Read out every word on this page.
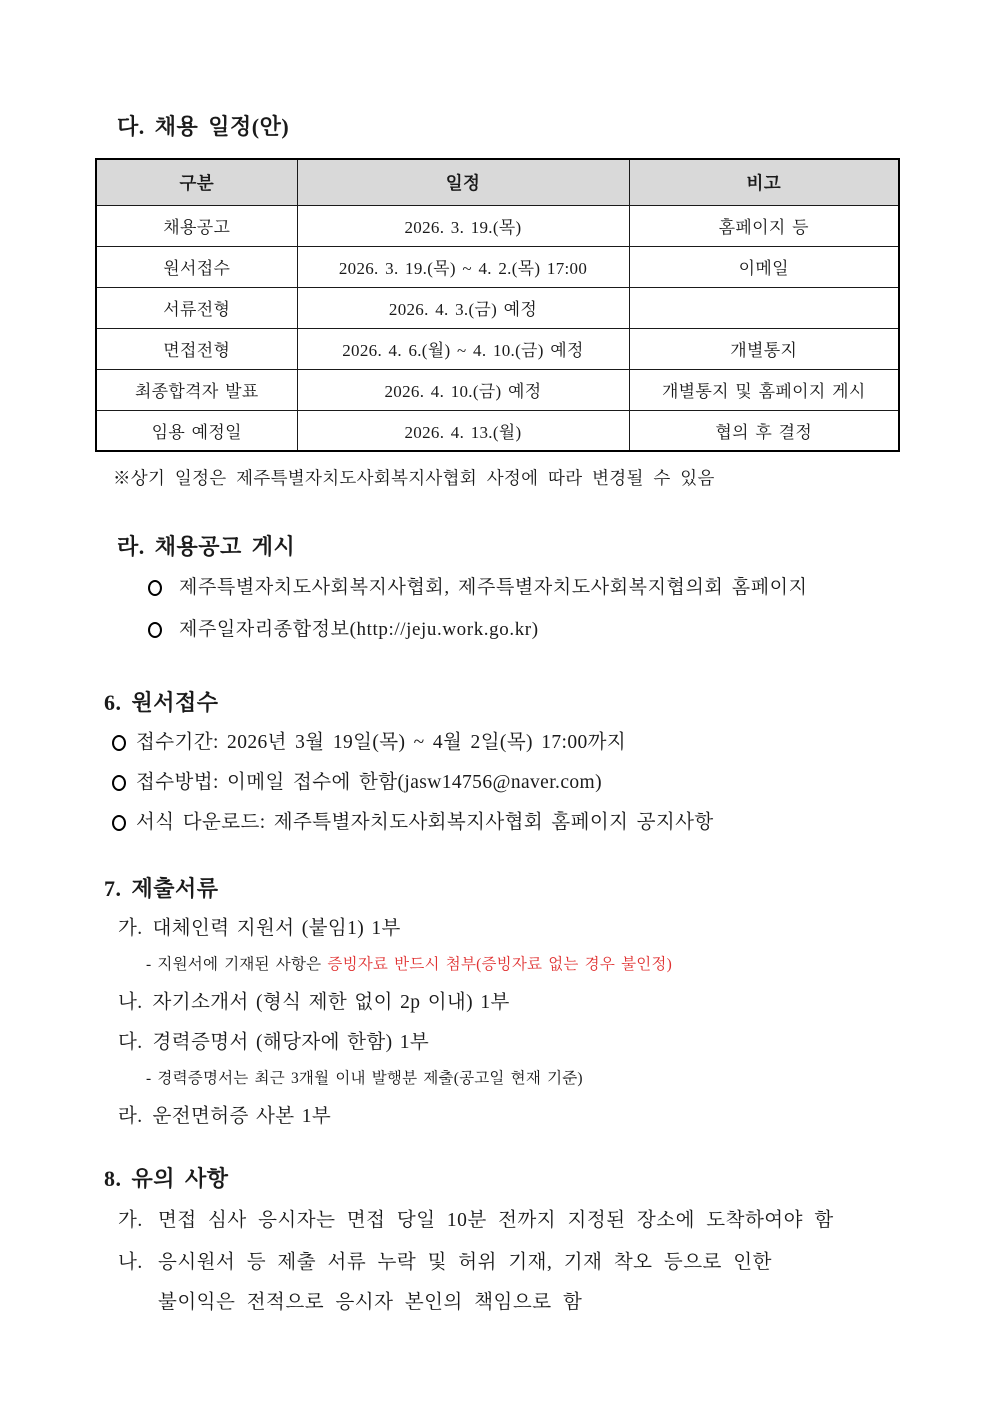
다. 채용 일정(안)
구분	일정	비고
채용공고	2026. 3. 19.(목)	홈페이지 등
원서접수	2026. 3. 19.(목) ~ 4. 2.(목) 17:00	이메일
서류전형	2026. 4. 3.(금) 예정	
면접전형	2026. 4. 6.(월) ~ 4. 10.(금) 예정	개별통지
최종합격자 발표	2026. 4. 10.(금) 예정	개별통지 및 홈페이지 게시
임용 예정일	2026. 4. 13.(월)	협의 후 결정
※상기 일정은 제주특별자치도사회복지사협회 사정에 따라 변경될 수 있음
라. 채용공고 게시
제주특별자치도사회복지사협회, 제주특별자치도사회복지협의회 홈페이지
제주일자리종합정보(http://jeju.work.go.kr)
6. 원서접수
접수기간: 2026년 3월 19일(목) ~ 4월 2일(목) 17:00까지
접수방법: 이메일 접수에 한함(jasw14756@naver.com)
서식 다운로드: 제주특별자치도사회복지사협회 홈페이지 공지사항
7. 제출서류
가. 대체인력 지원서 (붙임1) 1부
- 지원서에 기재된 사항은 증빙자료 반드시 첨부(증빙자료 없는 경우 불인정)
나. 자기소개서 (형식 제한 없이 2p 이내) 1부
다. 경력증명서 (해당자에 한함) 1부
- 경력증명서는 최근 3개월 이내 발행분 제출(공고일 현재 기준)
라. 운전면허증 사본 1부
8. 유의 사항
가. 면접 심사 응시자는 면접 당일 10분 전까지 지정된 장소에 도착하여야 함
나. 응시원서 등 제출 서류 누락 및 허위 기재, 기재 착오 등으로 인한
불이익은 전적으로 응시자 본인의 책임으로 함
